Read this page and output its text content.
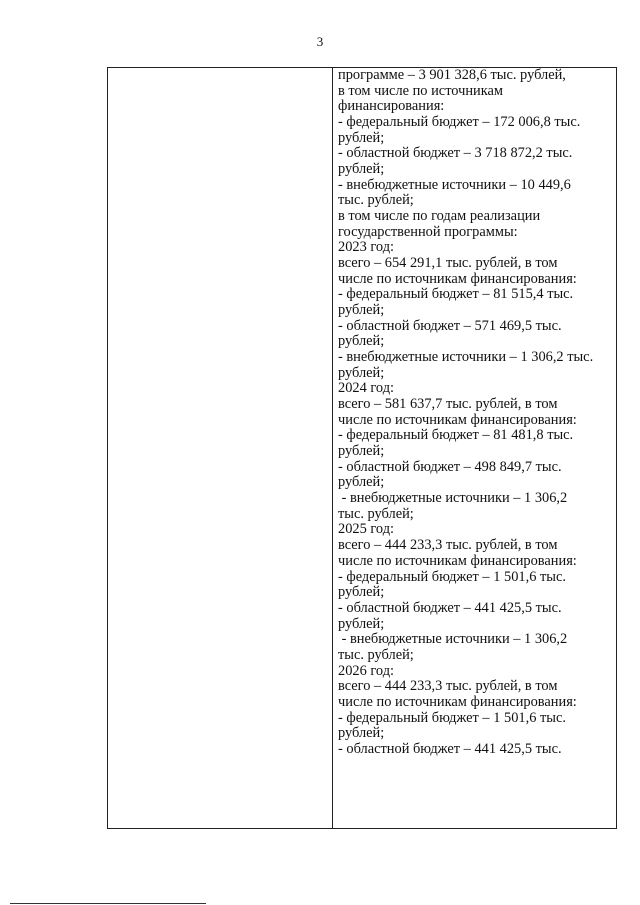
3

программе – 3 901 328,6 тыс. рублей,
в том числе по источникам
финансирования:
- федеральный бюджет – 172 006,8 тыс.
рублей;
- областной бюджет – 3 718 872,2 тыс.
рублей;
- внебюджетные источники – 10 449,6
тыс. рублей;
в том числе по годам реализации
государственной программы:
2023 год:
всего – 654 291,1 тыс. рублей, в том
числе по источникам финансирования:
- федеральный бюджет – 81 515,4 тыс.
рублей;
- областной бюджет – 571 469,5 тыс.
рублей;
- внебюджетные источники – 1 306,2 тыс.
рублей;
2024 год:
всего – 581 637,7 тыс. рублей, в том
числе по источникам финансирования:
- федеральный бюджет – 81 481,8 тыс.
рублей;
- областной бюджет – 498 849,7 тыс.
рублей;
- внебюджетные источники – 1 306,2
тыс. рублей;
2025 год:
всего – 444 233,3 тыс. рублей, в том
числе по источникам финансирования:
- федеральный бюджет – 1 501,6 тыс.
рублей;
- областной бюджет – 441 425,5 тыс.
рублей;
- внебюджетные источники – 1 306,2
тыс. рублей;
2026 год:
всего – 444 233,3 тыс. рублей, в том
числе по источникам финансирования:
- федеральный бюджет – 1 501,6 тыс.
рублей;
- областной бюджет – 441 425,5 тыс.
